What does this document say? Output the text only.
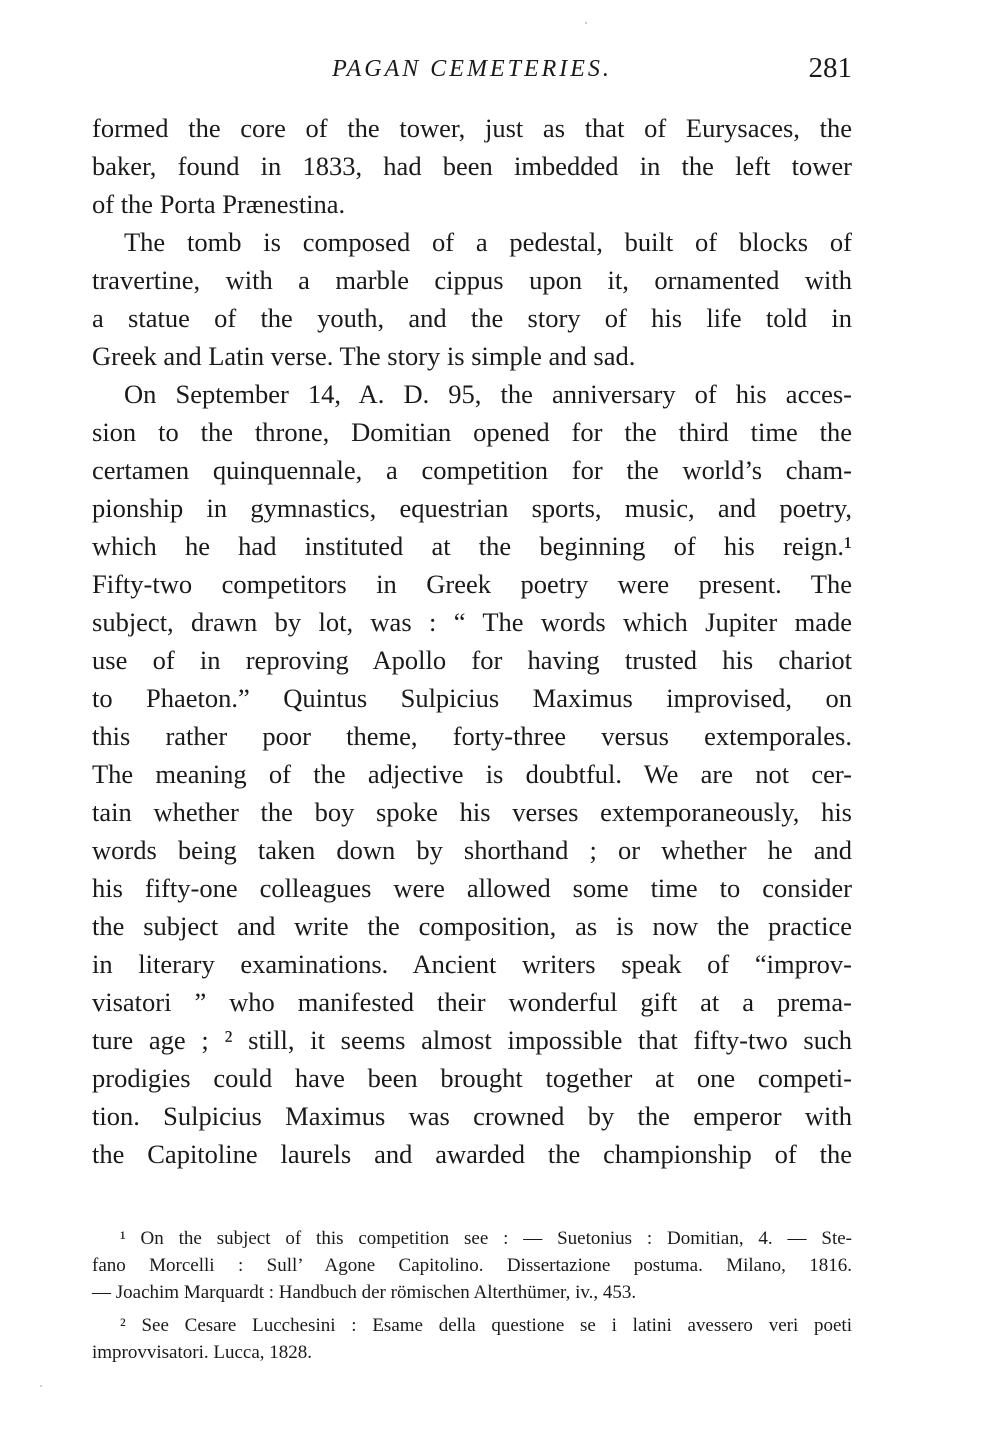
PAGAN CEMETERIES.	281
formed the core of the tower, just as that of Eurysaces, the
baker, found in 1833, had been imbedded in the left tower
of the Porta Prænestina.
The tomb is composed of a pedestal, built of blocks of
travertine, with a marble cippus upon it, ornamented with
a statue of the youth, and the story of his life told in
Greek and Latin verse. The story is simple and sad.
On September 14, A. D. 95, the anniversary of his acces-
sion to the throne, Domitian opened for the third time the
certamen quinquennale, a competition for the world’s cham-
pionship in gymnastics, equestrian sports, music, and poetry,
which he had instituted at the beginning of his reign.¹
Fifty-two competitors in Greek poetry were present. The
subject, drawn by lot, was : “ The words which Jupiter made
use of in reproving Apollo for having trusted his chariot
to Phaeton.” Quintus Sulpicius Maximus improvised, on
this rather poor theme, forty-three versus extemporales.
The meaning of the adjective is doubtful. We are not cer-
tain whether the boy spoke his verses extemporaneously, his
words being taken down by shorthand ; or whether he and
his fifty-one colleagues were allowed some time to consider
the subject and write the composition, as is now the practice
in literary examinations. Ancient writers speak of “improv-
visatori ” who manifested their wonderful gift at a prema-
ture age ; ² still, it seems almost impossible that fifty-two such
prodigies could have been brought together at one competi-
tion. Sulpicius Maximus was crowned by the emperor with
the Capitoline laurels and awarded the championship of the
¹ On the subject of this competition see : — Suetonius : Domitian, 4. — Ste-
fano Morcelli : Sull’ Agone Capitolino. Dissertazione postuma. Milano, 1816.
— Joachim Marquardt : Handbuch der römischen Alterthümer, iv., 453.
² See Cesare Lucchesini : Esame della questione se i latini avessero veri poeti
improvvisatori. Lucca, 1828.
